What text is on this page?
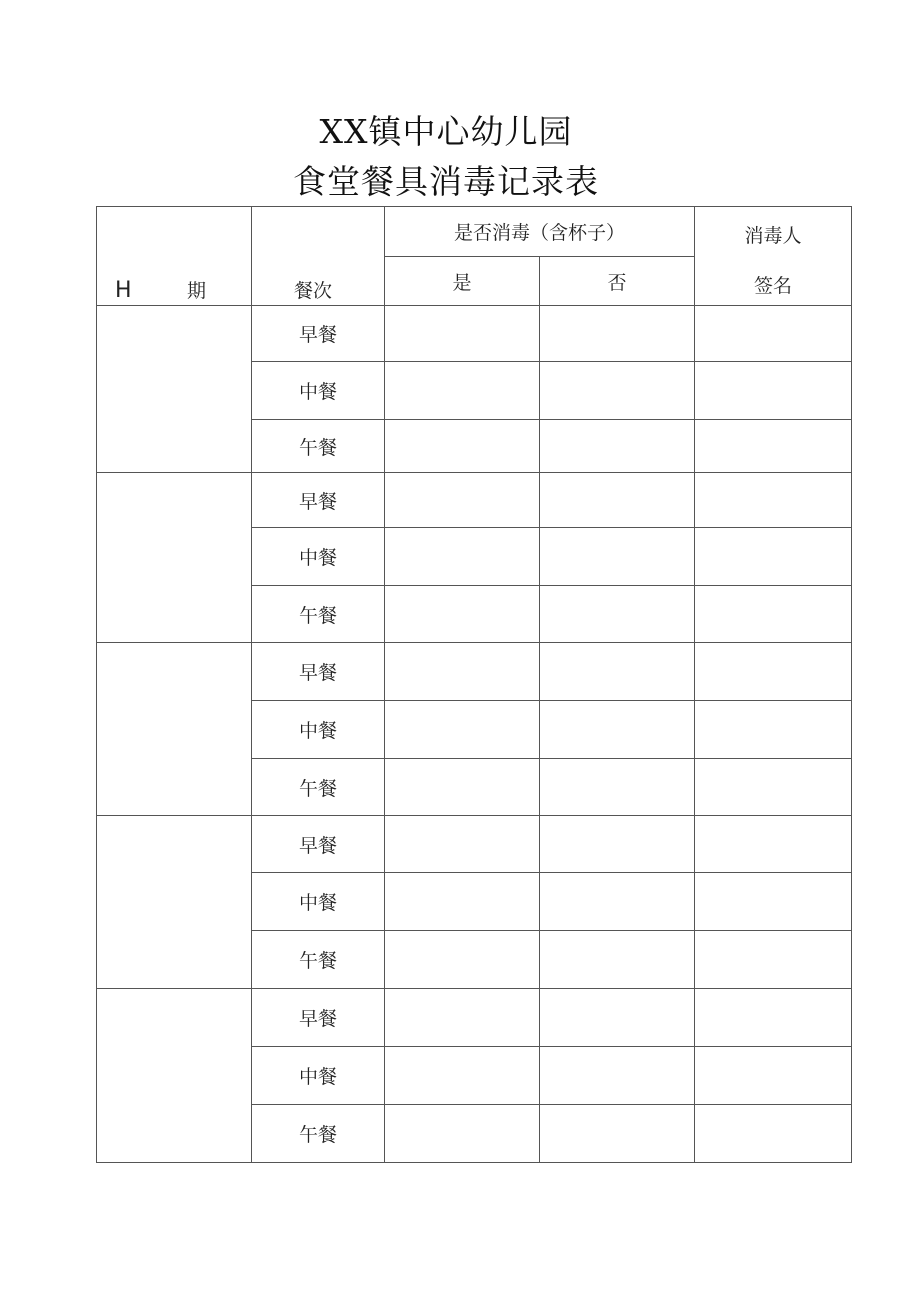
XX镇中心幼儿园
食堂餐具消毒记录表
H 期	餐次	是否消毒（含杯子）		消毒人
签名

		是	否	
	早餐			
	中餐			
	午餐			
	早餐			
	中餐			
	午餐			
	早餐			
	中餐			
	午餐			
	早餐			
	中餐			
	午餐			
	早餐			
	中餐			
	午餐			
